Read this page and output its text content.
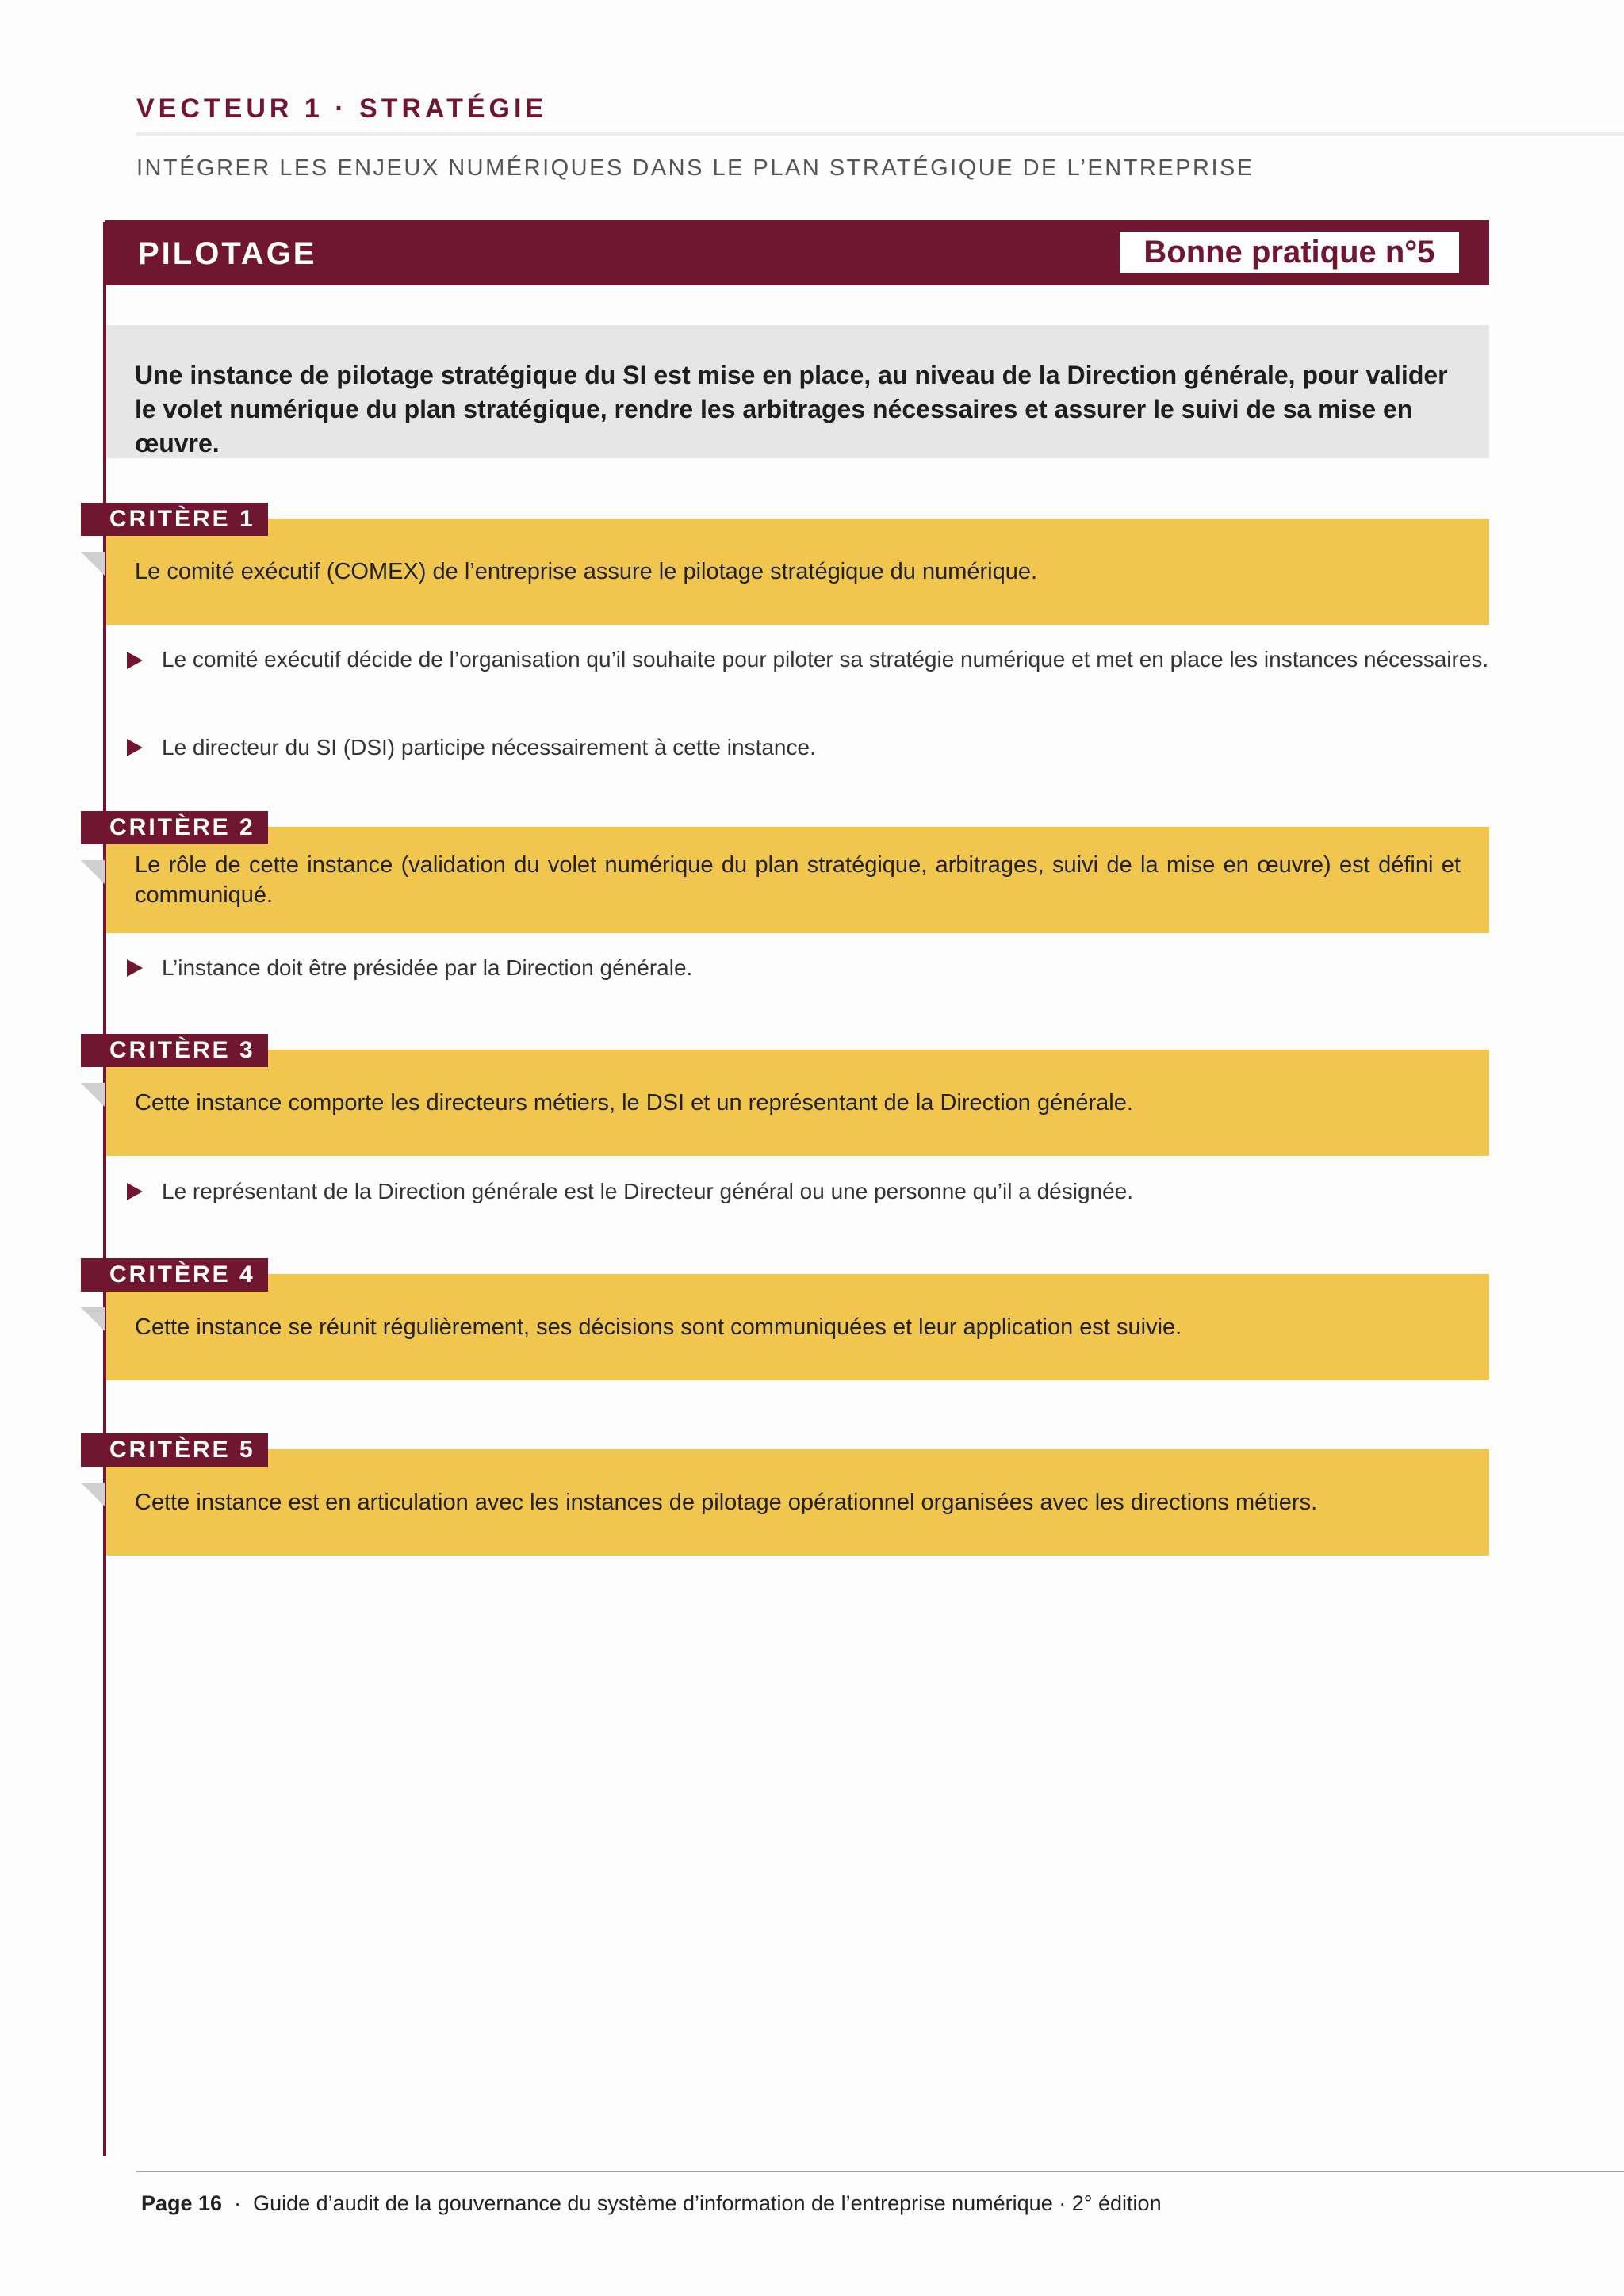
VECTEUR 1 · STRATÉGIE
INTÉGRER LES ENJEUX NUMÉRIQUES DANS LE PLAN STRATÉGIQUE DE L’ENTREPRISE
PILOTAGE	Bonne pratique n°5
Une instance de pilotage stratégique du SI est mise en place, au niveau de la Direction générale, pour valider le volet numérique du plan stratégique, rendre les arbitrages nécessaires et assurer le suivi de sa mise en œuvre.
Le comité exécutif (COMEX) de l’entreprise assure le pilotage stratégique du numérique.
CRITÈRE 1
Le comité exécutif décide de l’organisation qu’il souhaite pour piloter sa stratégie numérique et met en place les instances nécessaires.
Le directeur du SI (DSI) participe nécessairement à cette instance.
Le rôle de cette instance (validation du volet numérique du plan stratégique, arbitrages, suivi de la mise en œuvre) est défini et communiqué.
CRITÈRE 2
L’instance doit être présidée par la Direction générale.
Cette instance comporte les directeurs métiers, le DSI et un représentant de la Direction générale.
CRITÈRE 3
Le représentant de la Direction générale est le Directeur général ou une personne qu’il a désignée.
Cette instance se réunit régulièrement, ses décisions sont communiquées et leur application est suivie.
CRITÈRE 4
Cette instance est en articulation avec les instances de pilotage opérationnel organisées avec les directions métiers.
CRITÈRE 5
Page 16 · Guide d’audit de la gouvernance du système d’information de l’entreprise numérique · 2° édition
